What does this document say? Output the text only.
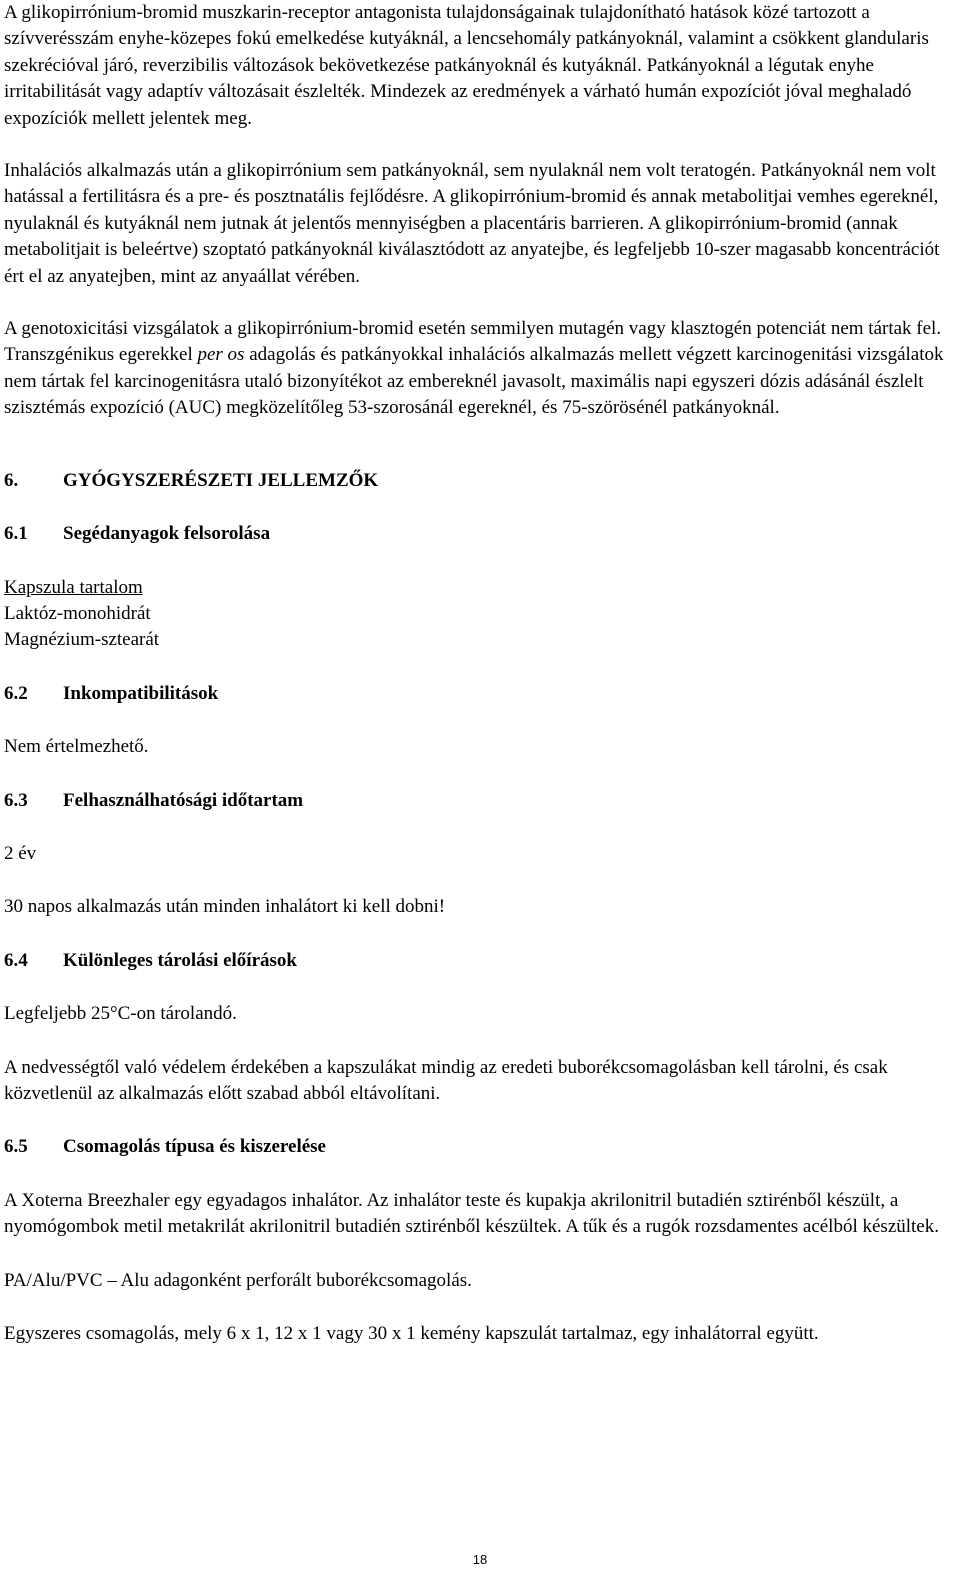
A glikopirrónium-bromid muszkarin-receptor antagonista tulajdonságainak tulajdonítható hatások közé tartozott a szívverésszám enyhe-közepes fokú emelkedése kutyáknál, a lencsehomály patkányoknál, valamint a csökkent glandularis szekrécióval járó, reverzibilis változások bekövetkezése patkányoknál és kutyáknál. Patkányoknál a légutak enyhe irritabilitását vagy adaptív változásait észlelték. Mindezek az eredmények a várható humán expozíciót jóval meghaladó expozíciók mellett jelentek meg.

Inhalációs alkalmazás után a glikopirrónium sem patkányoknál, sem nyulaknál nem volt teratogén. Patkányoknál nem volt hatással a fertilitásra és a pre- és posztnatális fejlődésre. A glikopirrónium-bromid és annak metabolitjai vemhes egereknél, nyulaknál és kutyáknál nem jutnak át jelentős mennyiségben a placentáris barrieren. A glikopirrónium-bromid (annak metabolitjait is beleértve) szoptató patkányoknál kiválasztódott az anyatejbe, és legfeljebb 10-szer magasabb koncentrációt ért el az anyatejben, mint az anyaállat vérében.

A genotoxicitási vizsgálatok a glikopirrónium-bromid esetén semmilyen mutagén vagy klasztogén potenciát nem tártak fel. Transzgénikus egerekkel per os adagolás és patkányokkal inhalációs alkalmazás mellett végzett karcinogenitási vizsgálatok nem tártak fel karcinogenitásra utaló bizonyítékot az embereknél javasolt, maximális napi egyszeri dózis adásánál észlelt szisztémás expozíció (AUC) megközelítőleg 53-szorosánál egereknél, és 75-szörösénél patkányoknál.

6.	GYÓGYSZERÉSZETI JELLEMZŐK

6.1	Segédanyagok felsorolása

Kapszula tartalom
Laktóz-monohidrát
Magnézium-sztearát

6.2	Inkompatibilitások

Nem értelmezhető.

6.3	Felhasználhatósági időtartam

2 év

30 napos alkalmazás után minden inhalátort ki kell dobni!

6.4	Különleges tárolási előírások

Legfeljebb 25°C-on tárolandó.

A nedvességtől való védelem érdekében a kapszulákat mindig az eredeti buborékcsomagolásban kell tárolni, és csak közvetlenül az alkalmazás előtt szabad abból eltávolítani.

6.5	Csomagolás típusa és kiszerelése

A Xoterna Breezhaler egy egyadagos inhalátor. Az inhalátor teste és kupakja akrilonitril butadién sztirénből készült, a nyomógombok metil metakrilát akrilonitril butadién sztirénből készültek. A tűk és a rugók rozsdamentes acélból készültek.

PA/Alu/PVC – Alu adagonként perforált buborékcsomagolás.

Egyszeres csomagolás, mely 6 x 1, 12 x 1 vagy 30 x 1 kemény kapszulát tartalmaz, egy inhalátorral együtt.

18
